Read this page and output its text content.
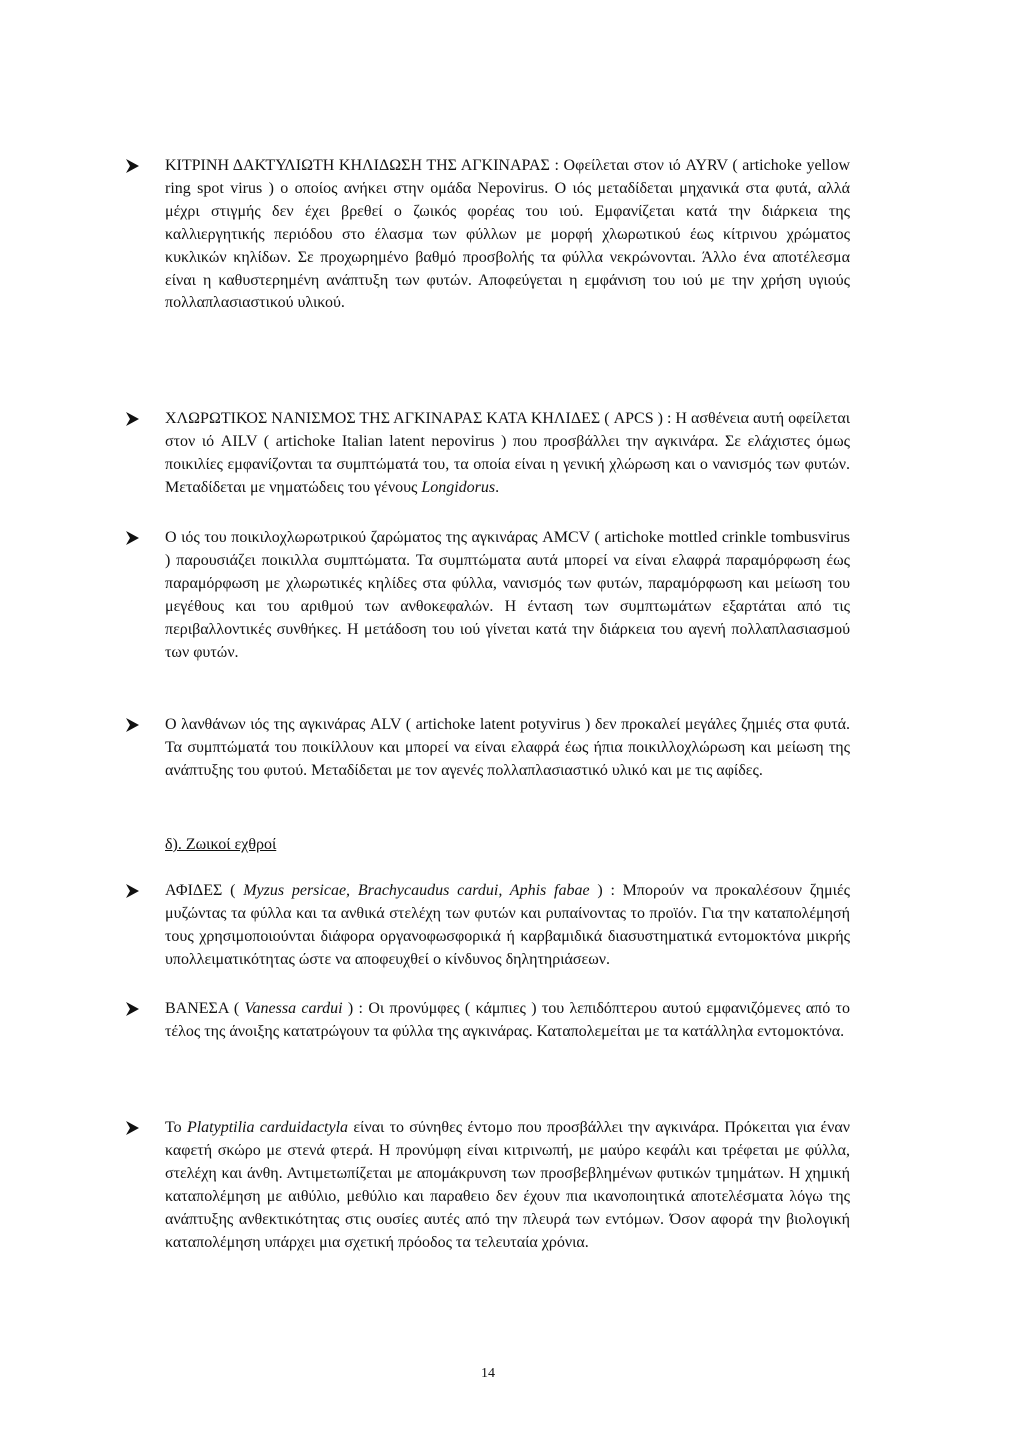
ΚΙΤΡΙΝΗ ΔΑΚΤΥΛΙΩΤΗ ΚΗΛΙΔΩΣΗ ΤΗΣ ΑΓΚΙΝΑΡΑΣ : Οφείλεται στον ιό AYRV ( artichoke yellow ring spot virus ) ο οποίος ανήκει στην ομάδα Nepovirus. Ο ιός μεταδίδεται μηχανικά στα φυτά, αλλά μέχρι στιγμής δεν έχει βρεθεί ο ζωικός φορέας του ιού. Εμφανίζεται κατά την διάρκεια της καλλιεργητικής περιόδου στο έλασμα των φύλλων με μορφή χλωρωτικού έως κίτρινου χρώματος κυκλικών κηλίδων. Σε προχωρημένο βαθμό προσβολής τα φύλλα νεκρώνονται. Άλλο ένα αποτέλεσμα είναι η καθυστερημένη ανάπτυξη των φυτών. Αποφεύγεται η εμφάνιση του ιού με την χρήση υγιούς πολλαπλασιαστικού υλικού.

ΧΛΩΡΩΤΙΚΟΣ ΝΑΝΙΣΜΟΣ ΤΗΣ ΑΓΚΙΝΑΡΑΣ ΚΑΤΑ ΚΗΛΙΔΕΣ ( APCS ) : Η ασθένεια αυτή οφείλεται στον ιό AILV ( artichoke Italian latent nepovirus ) που προσβάλλει την αγκινάρα. Σε ελάχιστες όμως ποικιλίες εμφανίζονται τα συμπτώματά του, τα οποία είναι η γενική χλώρωση και ο νανισμός των φυτών. Μεταδίδεται με νηματώδεις του γένους Longidorus.

Ο ιός του ποικιλοχλωρωτρικού ζαρώματος της αγκινάρας AMCV ( artichoke mottled crinkle tombusvirus ) παρουσιάζει ποικιλλα συμπτώματα. Τα συμπτώματα αυτά μπορεί να είναι ελαφρά παραμόρφωση έως παραμόρφωση με χλωρωτικές κηλίδες στα φύλλα, νανισμός των φυτών, παραμόρφωση και μείωση του μεγέθους και του αριθμού των ανθοκεφαλών. Η ένταση των συμπτωμάτων εξαρτάται από τις περιβαλλοντικές συνθήκες. Η μετάδοση του ιού γίνεται κατά την διάρκεια του αγενή πολλαπλασιασμού των φυτών.

Ο λανθάνων ιός της αγκινάρας ALV ( artichoke latent potyvirus ) δεν προκαλεί μεγάλες ζημιές στα φυτά. Τα συμπτώματά του ποικίλλουν και μπορεί να είναι ελαφρά έως ήπια ποικιλλοχλώρωση και μείωση της ανάπτυξης του φυτού. Μεταδίδεται με τον αγενές πολλαπλασιαστικό υλικό και με τις αφίδες.

δ). Ζωικοί εχθροί

ΑΦΙΔΕΣ ( Myzus persicae, Brachycaudus cardui, Aphis fabae ) : Μπορούν να προκαλέσουν ζημιές μυζώντας τα φύλλα και τα ανθικά στελέχη των φυτών και ρυπαίνοντας το προϊόν. Για την καταπολέμησή τους χρησιμοποιούνται διάφορα οργανοφωσφορικά ή καρβαμιδικά διασυστηματικά εντομοκτόνα μικρής υπολλειματικότητας ώστε να αποφευχθεί ο κίνδυνος δηλητηριάσεων.

ΒΑΝΕΣΑ ( Vanessa cardui ) : Οι προνύμφες ( κάμπιες ) του λεπιδόπτερου αυτού εμφανιζόμενες από το τέλος της άνοιξης κατατρώγουν τα φύλλα της αγκινάρας. Καταπολεμείται με τα κατάλληλα εντομοκτόνα.

Το Platyptilia carduidactyla είναι το σύνηθες έντομο που προσβάλλει την αγκινάρα. Πρόκειται για έναν καφετή σκώρο με στενά φτερά. Η προνύμφη είναι κιτρινωπή, με μαύρο κεφάλι και τρέφεται με φύλλα, στελέχη και άνθη. Αντιμετωπίζεται με απομάκρυνση των προσβεβλημένων φυτικών τμημάτων. Η χημική καταπολέμηση με αιθύλιο, μεθύλιο και παραθειο δεν έχουν πια ικανοποιητικά αποτελέσματα λόγω της ανάπτυξης ανθεκτικότητας στις ουσίες αυτές από την πλευρά των εντόμων. Όσον αφορά την βιολογική καταπολέμηση υπάρχει μια σχετική πρόοδος τα τελευταία χρόνια.

14
